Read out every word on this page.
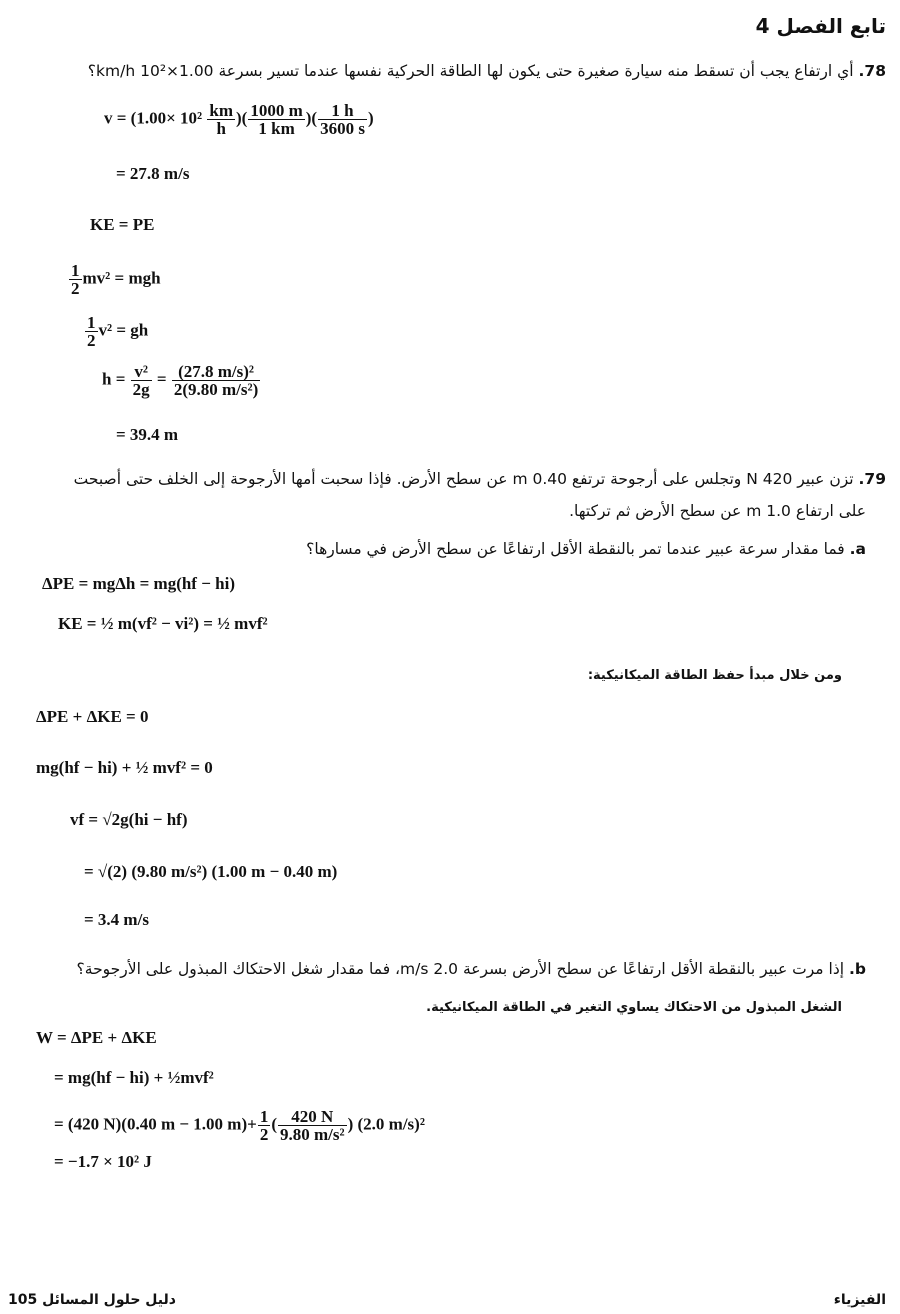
تابع الفصل 4
78. أي ارتفاع يجب أن تسقط منه سيارة صغيرة حتى يكون لها الطاقة الحركية نفسها عندما تسير بسرعة 1.00×10² km/h؟
$v = (1.00\times 10^2 \frac{km}{h}$ )( $\frac{1000 m}{1 km}$ )( $\frac{1 h}{3600 s}$ )
= 27.8 m/s
KE = PE
$\frac{1}{2} mv^2$ = mgh
$\frac{1}{2} v^2$ = gh
$h = \frac{\text{v²}}{2g} = \frac{\text{(27.8 m/s)²}}{\text{2(9.80 m/s²)}}$
= 39.4 m
79. تزن عبير 420 N وتجلس على أرجوحة ترتفع 0.40 m عن سطح الأرض. فإذا سحبت أمها الأرجوحة إلى الخلف حتى أصبحت
على ارتفاع 1.0 m عن سطح الأرض ثم تركتها.
a. فما مقدار سرعة عبير عندما تمر بالنقطة الأقل ارتفاعًا عن سطح الأرض في مسارها؟
ΔPE = mgΔh = mg(hf − hi)
KE = ½ m(vf² − vi²) = ½ mvf²
ومن خلال مبدأ حفظ الطاقة الميكانيكية:
ΔPE + ΔKE = 0
mg(hf − hi) + ½ mvf² = 0
vf = √2g(hi − hf)
= √(2) (9.80 m/s²) (1.00 m − 0.40 m)
= 3.4 m/s
b. إذا مرت عبير بالنقطة الأقل ارتفاعًا عن سطح الأرض بسرعة 2.0 m/s، فما مقدار شغل الاحتكاك المبذول على الأرجوحة؟
الشغل المبذول من الاحتكاك يساوي التغير في الطاقة الميكانيكية.
W = ΔPE + ΔKE
= mg(hf − hi) + ½mvf²
= (420 N)(0.40 m − 1.00 $m)+ \frac{1}{2}$ ( $\frac{420 N}{\text{9.80 m/s²}}$ ) (2.0 m/s)²
= −1.7 × 10² J
دليل حلول المسائل 105	الفيزياء
